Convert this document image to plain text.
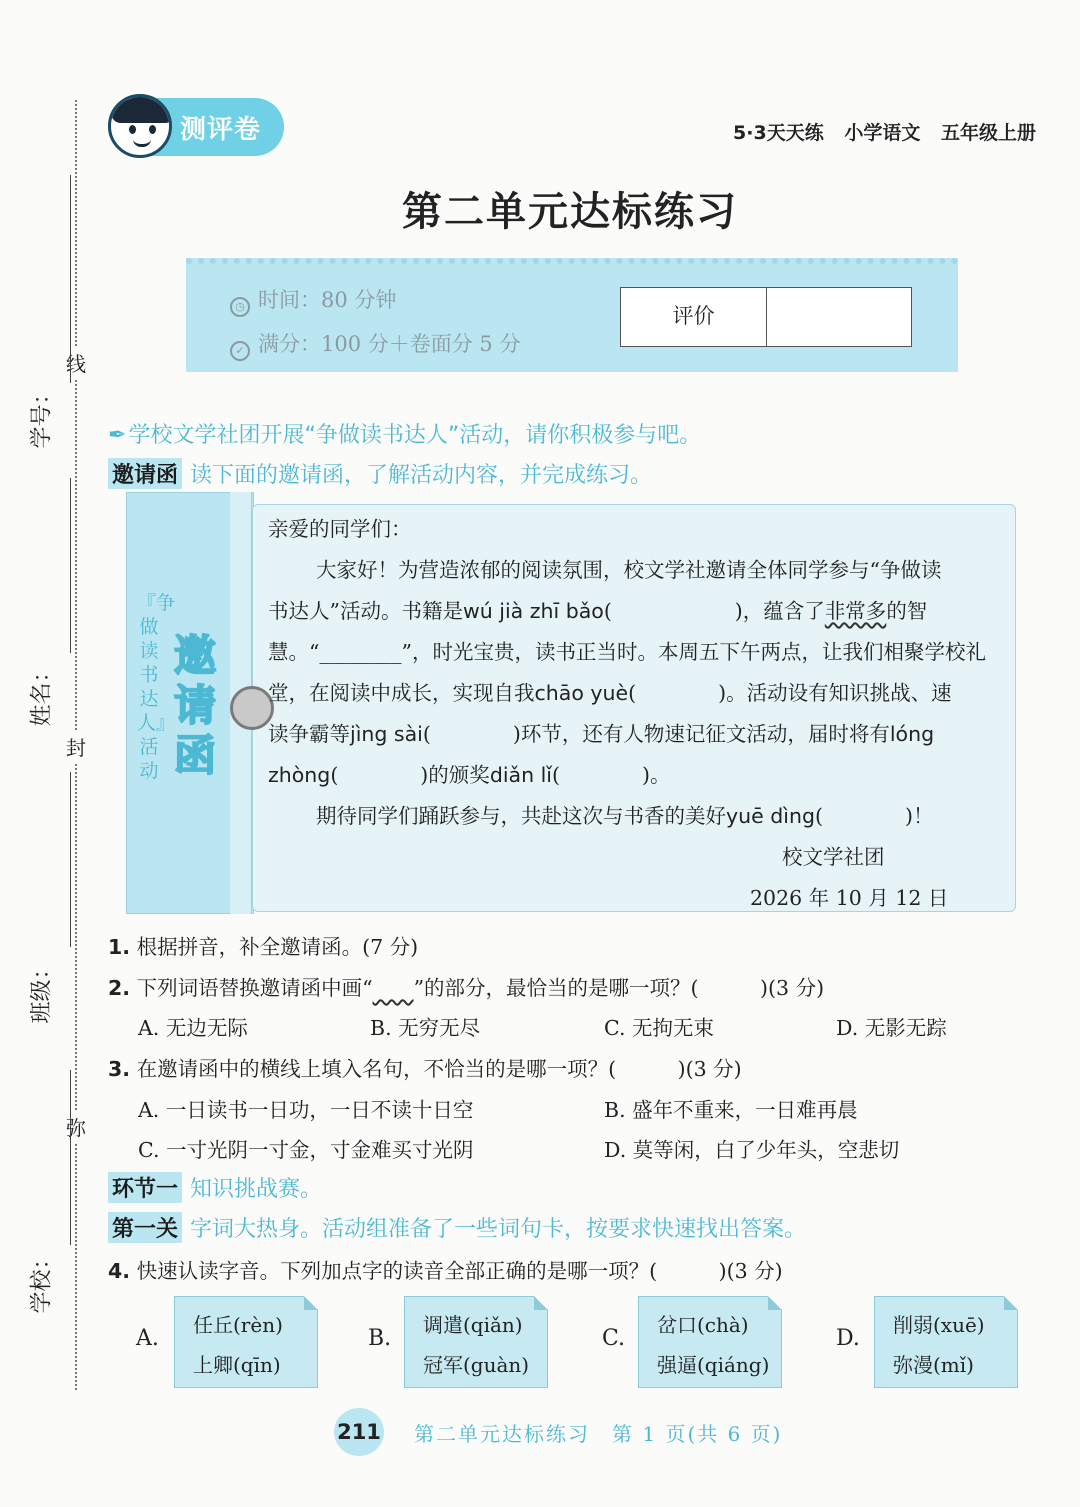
线
封
弥
学号：
姓名：
班级：
学校：
测评卷	5·3天天练 小学语文 五年级上册
第二单元达标练习
◷ 时间：80 分钟
✓ 满分：100 分＋卷面分 5 分
评价
✒学校文学社团开展“争做读书达人”活动，请你积极参与吧。
邀请函 读下面的邀请函，了解活动内容，并完成练习。
『争做读书达人』活动
邀请函
亲爱的同学们：
大家好！为营造浓郁的阅读氛围，校文学社邀请全体同学参与“争做读
书达人”活动。书籍是wú jià zhī bǎo(　　　　　　)，蕴含了非常多的智
慧。“________”，时光宝贵，读书正当时。本周五下午两点，让我们相聚学校礼
堂，在阅读中成长，实现自我chāo yuè(　　　　)。活动设有知识挑战、速
读争霸等jìng sài(　　　　)环节，还有人物速记征文活动，届时将有lóng
zhòng(　　　　)的颁奖diǎn lǐ(　　　　)。
期待同学们踊跃参与，共赴这次与书香的美好yuē dìng(　　　　)！
校文学社团
2026 年 10 月 12 日
1. 根据拼音，补全邀请函。(7 分)
2. 下列词语替换邀请函中画“　　 ”的部分，最恰当的是哪一项？(　　　)(3 分)
A. 无边无际	B. 无穷无尽	C. 无拘无束	D. 无影无踪
3. 在邀请函中的横线上填入名句，不恰当的是哪一项？(　　　)(3 分)
A. 一日读书一日功，一日不读十日空	B. 盛年不重来，一日难再晨
C. 一寸光阴一寸金，寸金难买寸光阴	D. 莫等闲，白了少年头，空悲切
环节一 知识挑战赛。
第一关 字词大热身。活动组准备了一些词句卡，按要求快速找出答案。
4. 快速认读字音。下列加点字的读音全部正确的是哪一项？(　　　)(3 分)
A.
任丘(rèn)
上卿(qīn)
B.
调遣(qiǎn)
冠军(guàn)
C.
岔口(chà)
强逼(qiáng)
D.
削弱(xuē)
弥漫(mǐ)
211 第二单元达标练习　第 1 页(共 6 页)
